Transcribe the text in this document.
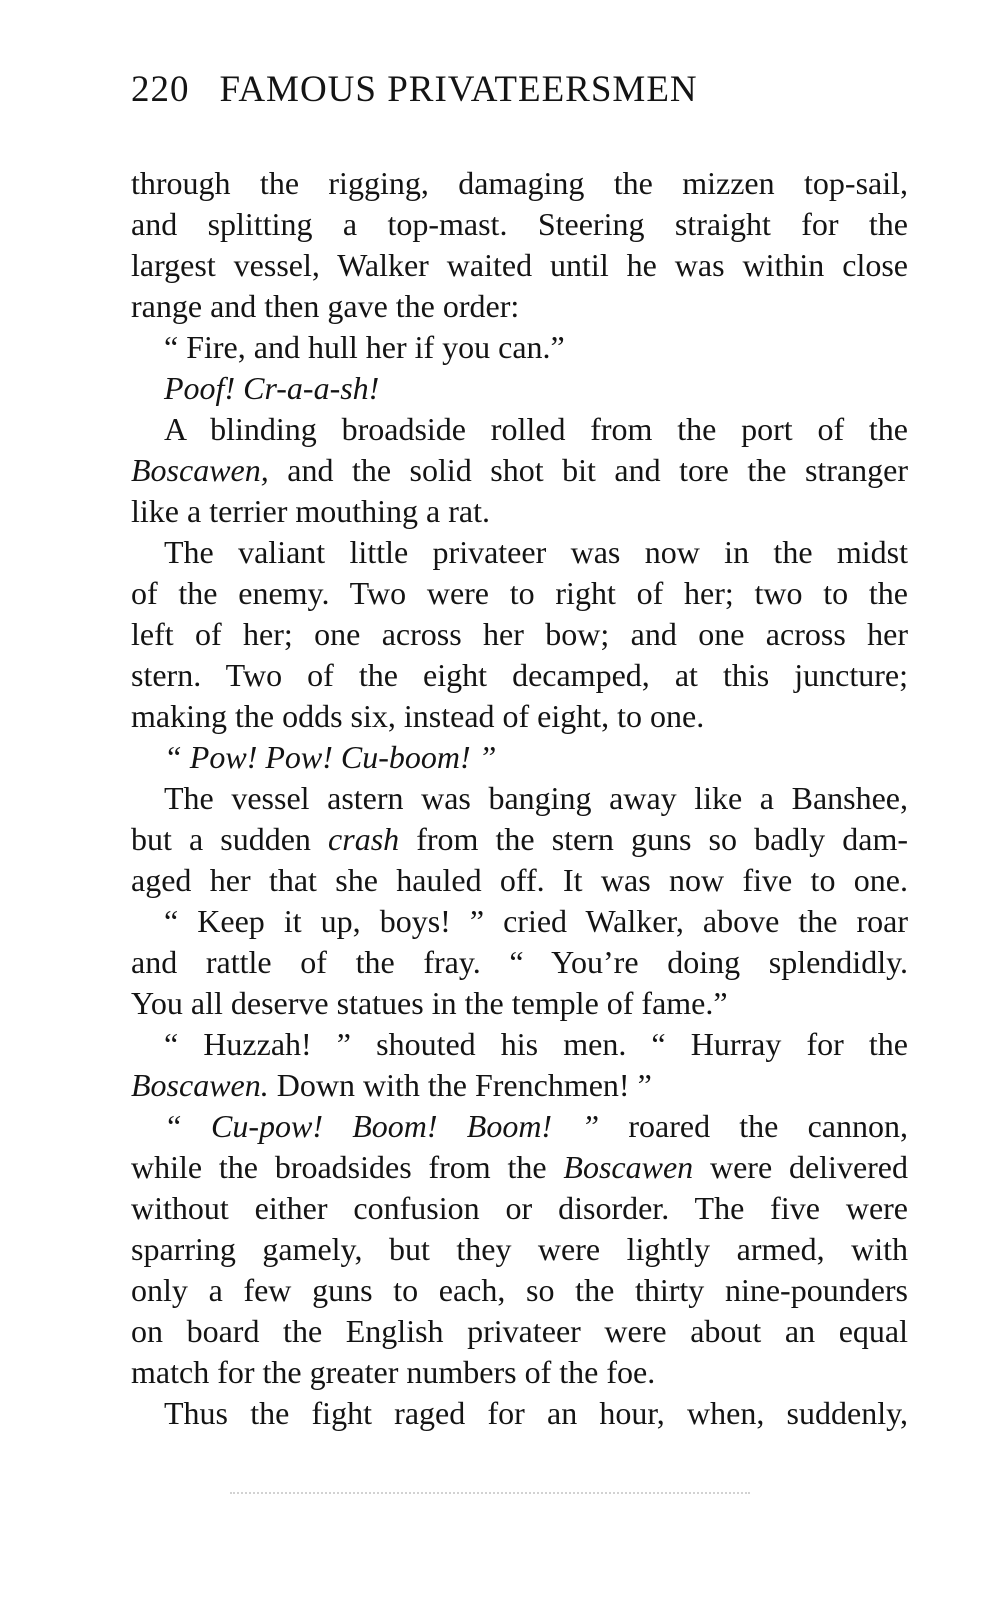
220 FAMOUS PRIVATEERSMEN
through the rigging, damaging the mizzen top-sail,
and splitting a top-mast. Steering straight for the
largest vessel, Walker waited until he was within close
range and then gave the order:
“ Fire, and hull her if you can.”
Poof! Cr-a-a-sh!
A blinding broadside rolled from the port of the
Boscawen, and the solid shot bit and tore the stranger
like a terrier mouthing a rat.
The valiant little privateer was now in the midst
of the enemy. Two were to right of her; two to the
left of her; one across her bow; and one across her
stern. Two of the eight decamped, at this juncture;
making the odds six, instead of eight, to one.
“ Pow! Pow! Cu-boom! ”
The vessel astern was banging away like a Banshee,
but a sudden crash from the stern guns so badly dam-
aged her that she hauled off. It was now five to one.
“ Keep it up, boys! ” cried Walker, above the roar
and rattle of the fray. “ You’re doing splendidly.
You all deserve statues in the temple of fame.”
“ Huzzah! ” shouted his men. “ Hurray for the
Boscawen. Down with the Frenchmen! ”
“ Cu-pow! Boom! Boom! ” roared the cannon,
while the broadsides from the Boscawen were delivered
without either confusion or disorder. The five were
sparring gamely, but they were lightly armed, with
only a few guns to each, so the thirty nine-pounders
on board the English privateer were about an equal
match for the greater numbers of the foe.
Thus the fight raged for an hour, when, suddenly,
